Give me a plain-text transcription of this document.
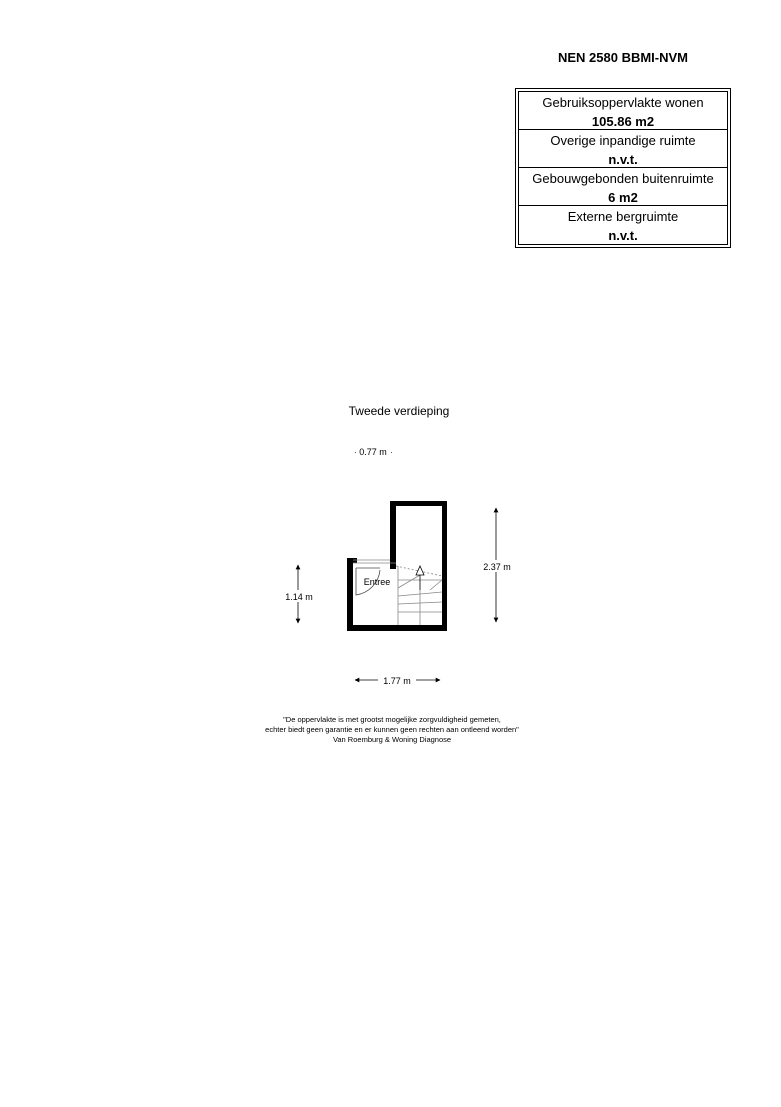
NEN 2580 BBMI-NVM
Gebruiksoppervlakte wonen
105.86 m2
Overige inpandige ruimte
n.v.t.
Gebouwgebonden buitenruimte
6 m2
Externe bergruimte
n.v.t.
Tweede verdieping
· 0.77 m ·
Entree
2.37 m
1.14 m
1.77 m
"De oppervlakte is met grootst mogelijke zorgvuldigheid gemeten,
echter biedt geen garantie en er kunnen geen rechten aan ontleend worden"
Van Roemburg & Woning Diagnose
